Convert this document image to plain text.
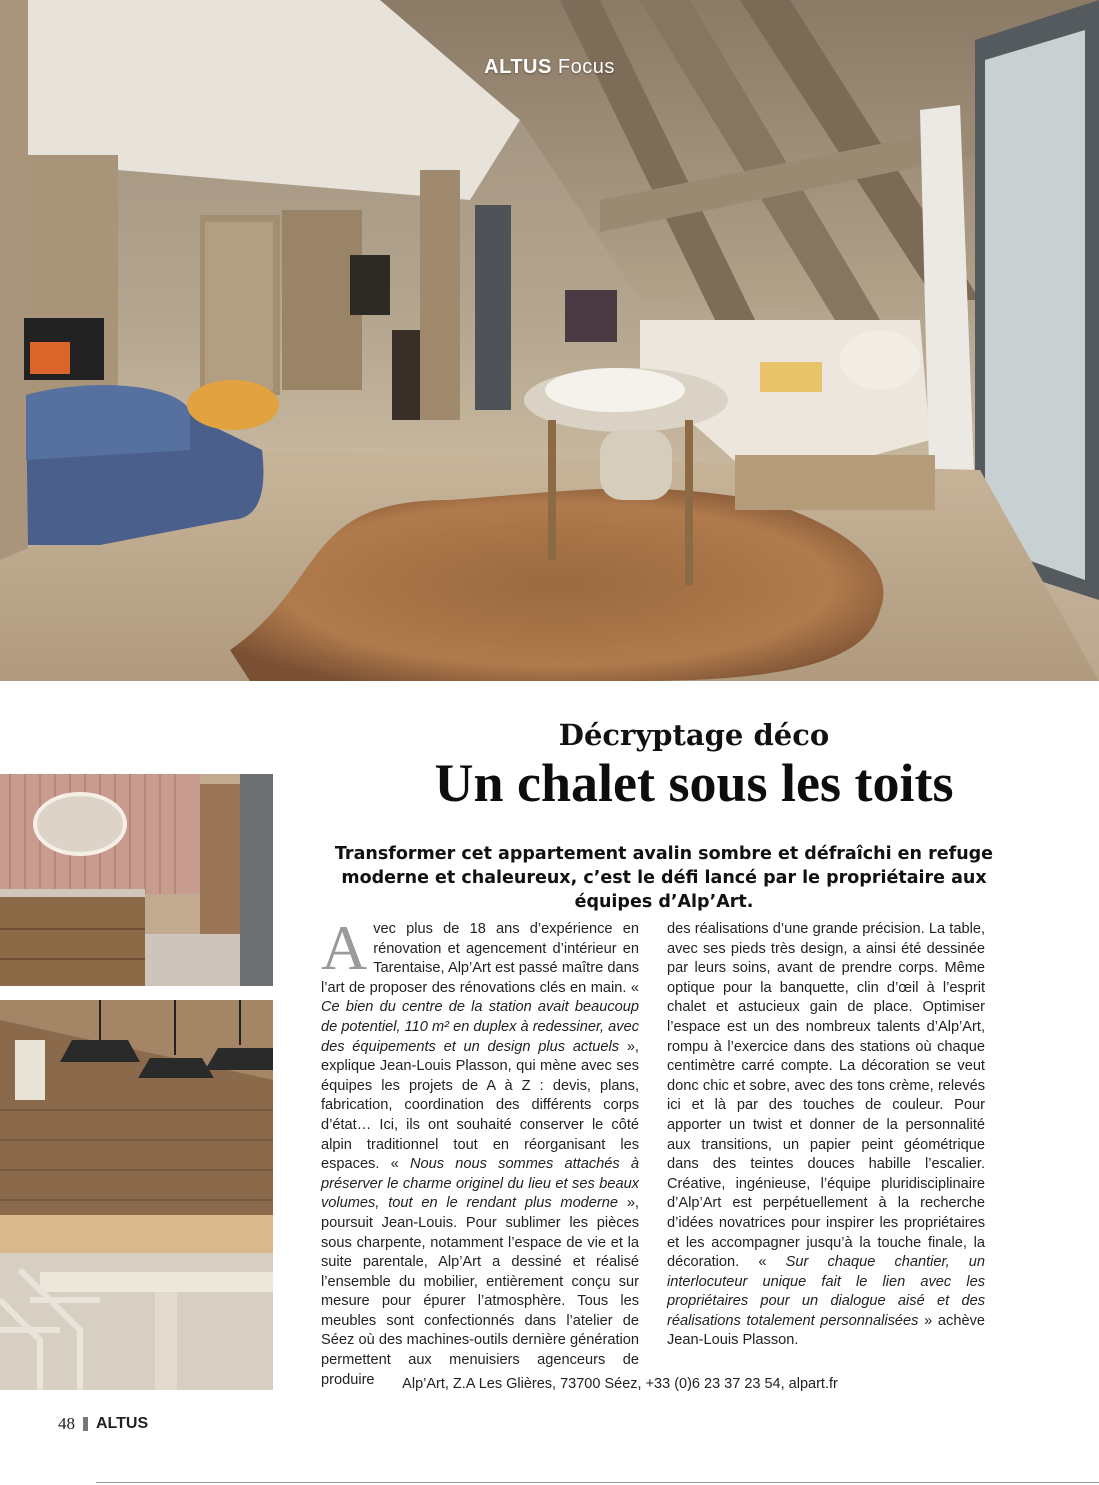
ALTUS Focus
Décryptage déco
Un chalet sous les toits
Transformer cet appartement avalin sombre et défraîchi en refuge moderne et chaleureux, c’est le défi lancé par le propriétaire aux équipes d’Alp’Art.
A vec plus de 18 ans d’expérience en rénovation et agencement d’intérieur en Tarentaise, Alp’Art est passé maître dans l’art de proposer des rénovations clés en main. « Ce bien du centre de la station avait beaucoup de potentiel, 110 m² en duplex à redessiner, avec des équipements et un design plus actuels », explique Jean-Louis Plasson, qui mène avec ses équipes les projets de A à Z : devis, plans, fabrication, coordination des différents corps d’état… Ici, ils ont souhaité conserver le côté alpin traditionnel tout en réorganisant les espaces. « Nous nous sommes attachés à préserver le charme originel du lieu et ses beaux volumes, tout en le rendant plus moderne », poursuit Jean-Louis. Pour sublimer les pièces sous charpente, notamment l’espace de vie et la suite parentale, Alp’Art a dessiné et réalisé l’ensemble du mobilier, entièrement conçu sur mesure pour épurer l’atmosphère. Tous les meubles sont confectionnés dans l’atelier de Séez où des machines-outils dernière génération permettent aux menuisiers agenceurs de produire
des réalisations d’une grande précision. La table, avec ses pieds très design, a ainsi été dessinée par leurs soins, avant de prendre corps. Même optique pour la banquette, clin d’œil à l’esprit chalet et astucieux gain de place. Optimiser l’espace est un des nombreux talents d’Alp’Art, rompu à l’exercice dans des stations où chaque centimètre carré compte. La décoration se veut donc chic et sobre, avec des tons crème, relevés ici et là par des touches de couleur. Pour apporter un twist et donner de la personnalité aux transitions, un papier peint géométrique dans des teintes douces habille l’escalier. Créative, ingénieuse, l’équipe pluridisciplinaire d’Alp’Art est perpétuellement à la recherche d’idées novatrices pour inspirer les propriétaires et les accompagner jusqu’à la touche finale, la décoration. « Sur chaque chantier, un interlocuteur unique fait le lien avec les propriétaires pour un dialogue aisé et des réalisations totalement personnalisées » achève Jean-Louis Plasson.
Alp’Art, Z.A Les Glières, 73700 Séez, +33 (0)6 23 37 23 54, alpart.fr
48 ALTUS
